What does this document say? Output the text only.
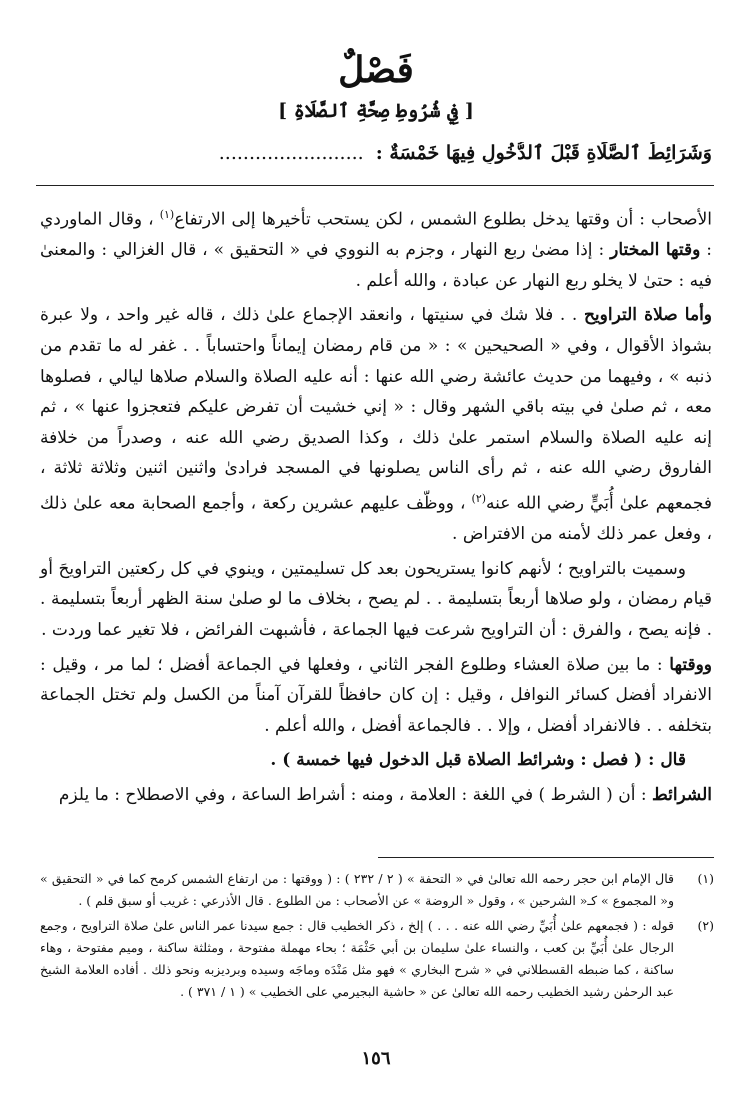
فَصْلٌ
[ فِي شُرُوطِ صِحَّةِ ٱلصَّلَاةِ ]
وَشَرَائِطُ ٱلصَّلَاةِ قَبْلَ ٱلدُّخُولِ فِيهَا خَمْسَةٌ :........................

الأصحاب : أن وقتها يدخل بطلوع الشمس ، لكن يستحب تأخيرها إلى الارتفاع$^{(١)}$ ، وقال الماوردي : وقتها المختار : إذا مضىٰ ربع النهار ، وجزم به النووي في « التحقيق » ، قال الغزالي : والمعنىٰ فيه : حتىٰ لا يخلو ربع النهار عن عبادة ، والله أعلم .

وأما صلاة التراويح . . فلا شك في سنيتها ، وانعقد الإجماع علىٰ ذلك ، قاله غير واحد ، ولا عبرة بشواذ الأقوال ، وفي « الصحيحين » : « من قام رمضان إيماناً واحتساباً . . غفر له ما تقدم من ذنبه » ، وفيهما من حديث عائشة رضي الله عنها : أنه عليه الصلاة والسلام صلاها ليالي ، فصلوها معه ، ثم صلىٰ في بيته باقي الشهر وقال : « إني خشيت أن تفرض عليكم فتعجزوا عنها » ، ثم إنه عليه الصلاة والسلام استمر علىٰ ذلك ، وكذا الصديق رضي الله عنه ، وصدراً من خلافة الفاروق رضي الله عنه ، ثم رأى الناس يصلونها في المسجد فرادىٰ واثنين اثنين وثلاثة ثلاثة ، فجمعهم علىٰ أُبَيٍّ رضي الله عنه$^{(٢)}$ ، ووظّف عليهم عشرين ركعة ، وأجمع الصحابة معه علىٰ ذلك ، وفعل عمر ذلك لأمنه من الافتراض .

وسميت بالتراويح ؛ لأنهم كانوا يستريحون بعد كل تسليمتين ، وينوي في كل ركعتين التراويحَ أو قيام رمضان ، ولو صلاها أربعاً بتسليمة . . لم يصح ، بخلاف ما لو صلىٰ سنة الظهر أربعاً بتسليمة . . فإنه يصح ، والفرق : أن التراويح شرعت فيها الجماعة ، فأشبهت الفرائض ، فلا تغير عما وردت .

ووقتها : ما بين صلاة العشاء وطلوع الفجر الثاني ، وفعلها في الجماعة أفضل ؛ لما مر ، وقيل : الانفراد أفضل كسائر النوافل ، وقيل : إن كان حافظاً للقرآن آمناً من الكسل ولم تختل الجماعة بتخلفه . . فالانفراد أفضل ، وإلا . . فالجماعة أفضل ، والله أعلم .

قال : ( فصل : وشرائط الصلاة قبل الدخول فيها خمسة ) .

الشرائط : أن ( الشرط ) في اللغة : العلامة ، ومنه : أشراط الساعة ، وفي الاصطلاح : ما يلزم

(١)
قال الإمام ابن حجر رحمه الله تعالىٰ في « التحفة » ( ٢ / ٢٣٢ ) : ( ووقتها : من ارتفاع الشمس كرمح كما في « التحقيق » و« المجموع » كـ« الشرحين » ، وقول « الروضة » عن الأصحاب : من الطلوع . قال الأذرعي : غريب أو سبق قلم ) .
(٢)
قوله : ( فجمعهم علىٰ أُبَيِّ رضي الله عنه . . . ) إلخ ، ذكر الخطيب قال : جمع سيدنا عمر الناس علىٰ صلاة التراويح ، وجمع الرجال علىٰ أُبَيِّ بن كعب ، والنساء علىٰ سليمان بن أبي حَثْمَة ؛ بحاء مهملة مفتوحة ، ومثلثة ساكنة ، وميم مفتوحة ، وهاء ساكنة ، كما ضبطه القسطلاني في « شرح البخاري » فهو مثل مَنْدَه وماجَه وسيده وبرديزبه ونحو ذلك . أفاده العلامة الشيخ عبد الرحمٰن رشيد الخطيب رحمه الله تعالىٰ عن « حاشية البجيرمي على الخطيب » ( ١ / ٣٧١ ) .
١٥٦
